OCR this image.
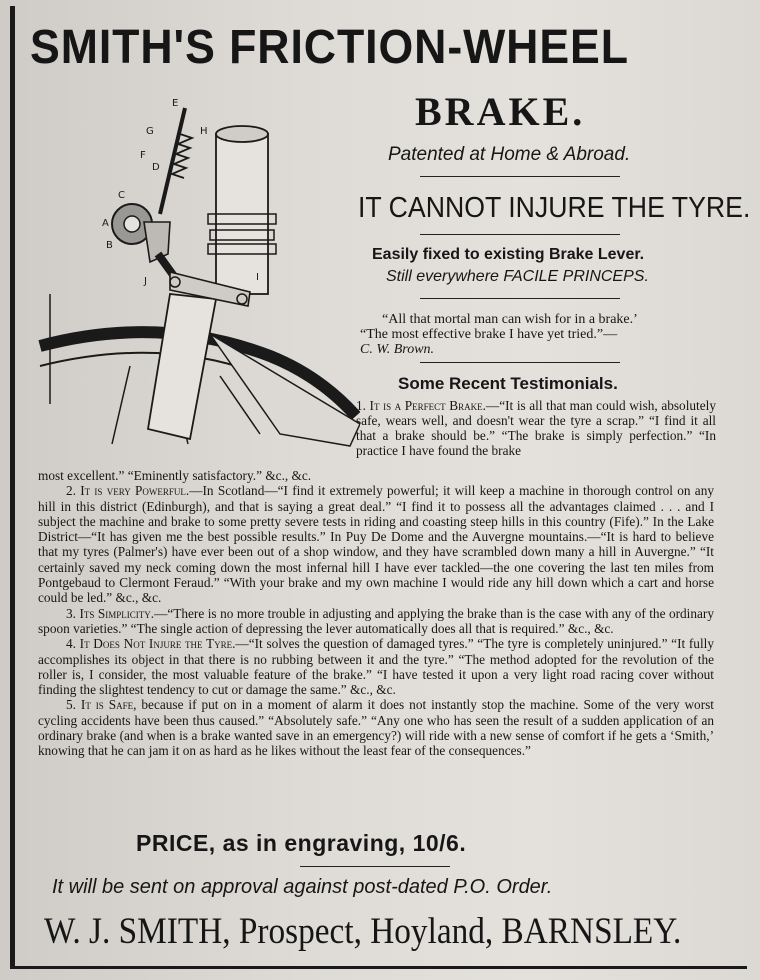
SMITH'S FRICTION-WHEEL
BRAKE.
Patented at Home & Abroad.
IT CANNOT INJURE THE TYRE.
Easily fixed to existing Brake Lever.
Still everywhere FACILE PRINCEPS.
“All that mortal man can wish for in a brake.’
“The most effective brake I have yet tried.”—
C. W. Brown.
Some Recent Testimonials.
1. It is a Perfect Brake.—“It is all that man could wish, absolutely safe, wears well, and doesn't wear the tyre a scrap.” “I find it all that a brake should be.” “The brake is simply perfection.” “In practice I have found the brake

most excellent.” “Eminently satisfactory.” &c., &c.

2. It is very Powerful.—In Scotland—“I find it extremely powerful; it will keep a machine in thorough control on any hill in this district (Edinburgh), and that is saying a great deal.” “I find it to possess all the advantages claimed . . . and I subject the machine and brake to some pretty severe tests in riding and coasting steep hills in this country (Fife).” In the Lake District—“It has given me the best possible results.” In Puy De Dome and the Auvergne mountains.—“It is hard to believe that my tyres (Palmer's) have ever been out of a shop window, and they have scrambled down many a hill in Auvergne.” “It certainly saved my neck coming down the most infernal hill I have ever tackled—the one covering the last ten miles from Pontgebaud to Clermont Feraud.” “With your brake and my own machine I would ride any hill down which a cart and horse could be led.” &c., &c.

3. Its Simplicity.—“There is no more trouble in adjusting and applying the brake than is the case with any of the ordinary spoon varieties.” “The single action of depressing the lever automatically does all that is required.” &c., &c.

4. It Does Not Injure the Tyre.—“It solves the question of damaged tyres.” “The tyre is completely uninjured.” “It fully accomplishes its object in that there is no rubbing between it and the tyre.” “The method adopted for the revolution of the roller is, I consider, the most valuable feature of the brake.” “I have tested it upon a very light road racing cover without finding the slightest tendency to cut or damage the same.” &c., &c.

5. It is Safe, because if put on in a moment of alarm it does not instantly stop the machine. Some of the very worst cycling accidents have been thus caused.” “Absolutely safe.” “Any one who has seen the result of a sudden application of an ordinary brake (and when is a brake wanted save in an emergency?) will ride with a new sense of comfort if he gets a ‘Smith,’ knowing that he can jam it on as hard as he likes without the least fear of the consequences.”

PRICE, as in engraving, 10/6.
It will be sent on approval against post-dated P.O. Order.
W. J. SMITH, Prospect, Hoyland, BARNSLEY.
E
G	H
F
D
C
A
B
J	I
